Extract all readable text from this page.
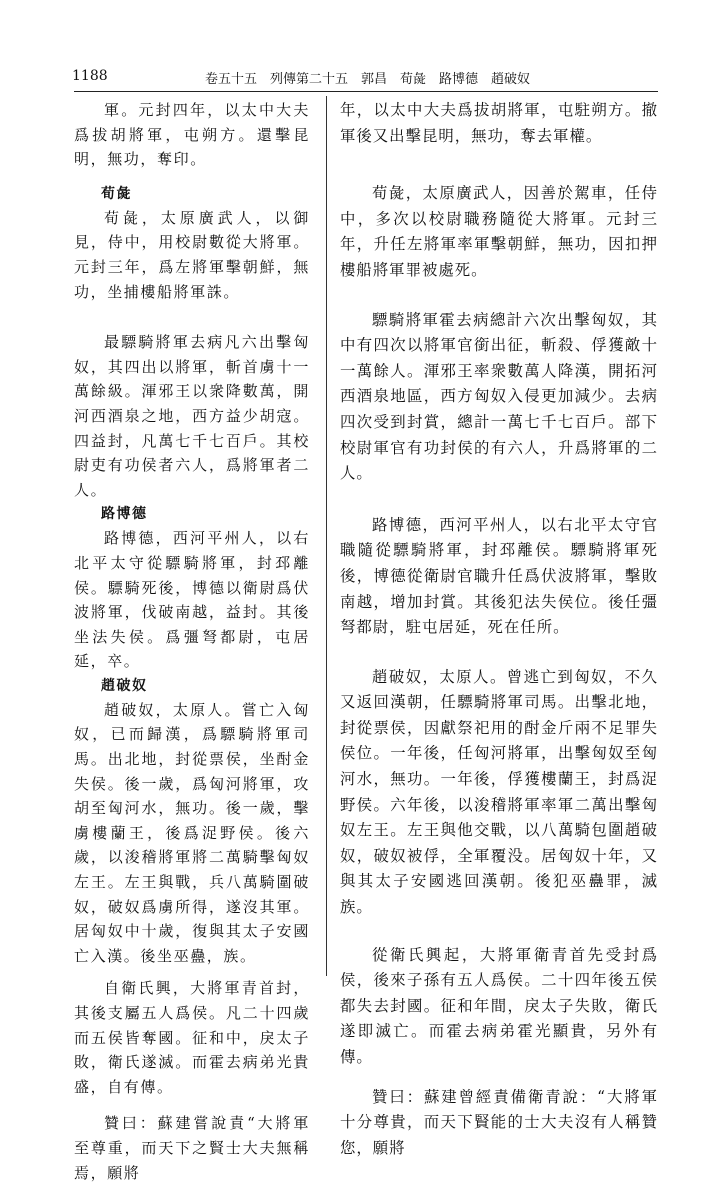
1188	卷五十五　列傳第二十五　郭昌　荀彘　路博德　趙破奴

軍。元封四年，以太中大夫爲拔胡將軍，屯朔方。還擊昆明，無功，奪印。

荀彘

荀彘，太原廣武人，以御見，侍中，用校尉數從大將軍。元封三年，爲左將軍擊朝鮮，無功，坐捕樓船將軍誅。

最驃騎將軍去病凡六出擊匈奴，其四出以將軍，斬首虜十一萬餘級。渾邪王以衆降數萬，開河西酒泉之地，西方益少胡寇。四益封，凡萬七千七百戶。其校尉吏有功侯者六人，爲將軍者二人。

路博德

路博德，西河平州人，以右北平太守從驃騎將軍，封邳離侯。驃騎死後，博德以衛尉爲伏波將軍，伐破南越，益封。其後坐法失侯。爲彊弩都尉，屯居延，卒。

趙破奴

趙破奴，太原人。嘗亡入匈奴，已而歸漢，爲驃騎將軍司馬。出北地，封從票侯，坐酎金失侯。後一歲，爲匈河將軍，攻胡至匈河水，無功。後一歲，擊虜樓蘭王，後爲浞野侯。後六歲，以浚稽將軍將二萬騎擊匈奴左王。左王與戰，兵八萬騎圍破奴，破奴爲虜所得，遂沒其軍。居匈奴中十歲，復與其太子安國亡入漢。後坐巫蠱，族。

自衛氏興，大將軍青首封，其後支屬五人爲侯。凡二十四歲而五侯皆奪國。征和中，戾太子敗，衛氏遂滅。而霍去病弟光貴盛，自有傳。

贊曰：蘇建嘗說責“大將軍至尊重，而天下之賢士大夫無稱焉，願將

年，以太中大夫爲拔胡將軍，屯駐朔方。撤軍後又出擊昆明，無功，奪去軍權。

荀彘，太原廣武人，因善於駕車，任侍中，多次以校尉職務隨從大將軍。元封三年，升任左將軍率軍擊朝鮮，無功，因扣押樓船將軍罪被處死。

驃騎將軍霍去病總計六次出擊匈奴，其中有四次以將軍官銜出征，斬殺、俘獲敵十一萬餘人。渾邪王率衆數萬人降漢，開拓河西酒泉地區，西方匈奴入侵更加減少。去病四次受到封賞，總計一萬七千七百戶。部下校尉軍官有功封侯的有六人，升爲將軍的二人。

路博德，西河平州人，以右北平太守官職隨從驃騎將軍，封邳離侯。驃騎將軍死後，博德從衛尉官職升任爲伏波將軍，擊敗南越，增加封賞。其後犯法失侯位。後任彊弩都尉，駐屯居延，死在任所。

趙破奴，太原人。曾逃亡到匈奴，不久又返回漢朝，任驃騎將軍司馬。出擊北地，封從票侯，因獻祭祀用的酎金斤兩不足罪失侯位。一年後，任匈河將軍，出擊匈奴至匈河水，無功。一年後，俘獲樓蘭王，封爲浞野侯。六年後，以浚稽將軍率軍二萬出擊匈奴左王。左王與他交戰，以八萬騎包圍趙破奴，破奴被俘，全軍覆没。居匈奴十年，又與其太子安國逃回漢朝。後犯巫蠱罪，滅族。

從衛氏興起，大將軍衛青首先受封爲侯，後來子孫有五人爲侯。二十四年後五侯都失去封國。征和年間，戾太子失敗，衛氏遂即滅亡。而霍去病弟霍光顯貴，另外有傳。

贊曰：蘇建曾經責備衛青說：“大將軍十分尊貴，而天下賢能的士大夫沒有人稱贊您，願將
